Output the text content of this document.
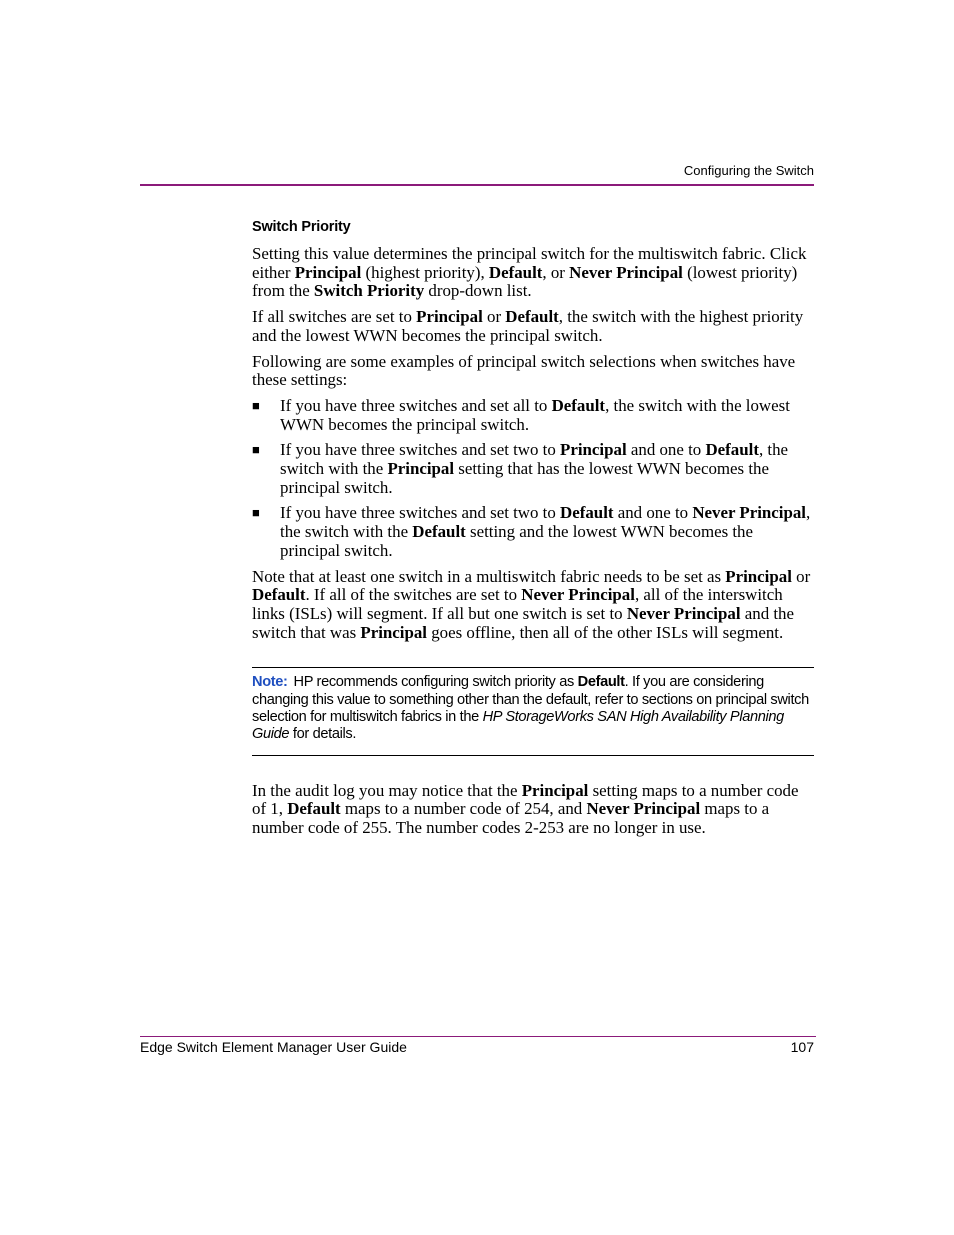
Configuring the Switch
Switch Priority

Setting this value determines the principal switch for the multiswitch fabric. Click either Principal (highest priority), Default, or Never Principal (lowest priority) from the Switch Priority drop-down list.

If all switches are set to Principal or Default, the switch with the highest priority and the lowest WWN becomes the principal switch.

Following are some examples of principal switch selections when switches have these settings:

■ If you have three switches and set all to Default, the switch with the lowest WWN becomes the principal switch.
■ If you have three switches and set two to Principal and one to Default, the switch with the Principal setting that has the lowest WWN becomes the principal switch.
■ If you have three switches and set two to Default and one to Never Principal, the switch with the Default setting and the lowest WWN becomes the principal switch.

Note that at least one switch in a multiswitch fabric needs to be set as Principal or Default. If all of the switches are set to Never Principal, all of the interswitch links (ISLs) will segment. If all but one switch is set to Never Principal and the switch that was Principal goes offline, then all of the other ISLs will segment.

Note: HP recommends configuring switch priority as Default. If you are considering changing this value to something other than the default, refer to sections on principal switch selection for multiswitch fabrics in the HP StorageWorks SAN High Availability Planning Guide for details.

In the audit log you may notice that the Principal setting maps to a number code of 1, Default maps to a number code of 254, and Never Principal maps to a number code of 255. The number codes 2-253 are no longer in use.

Edge Switch Element Manager User Guide	107
